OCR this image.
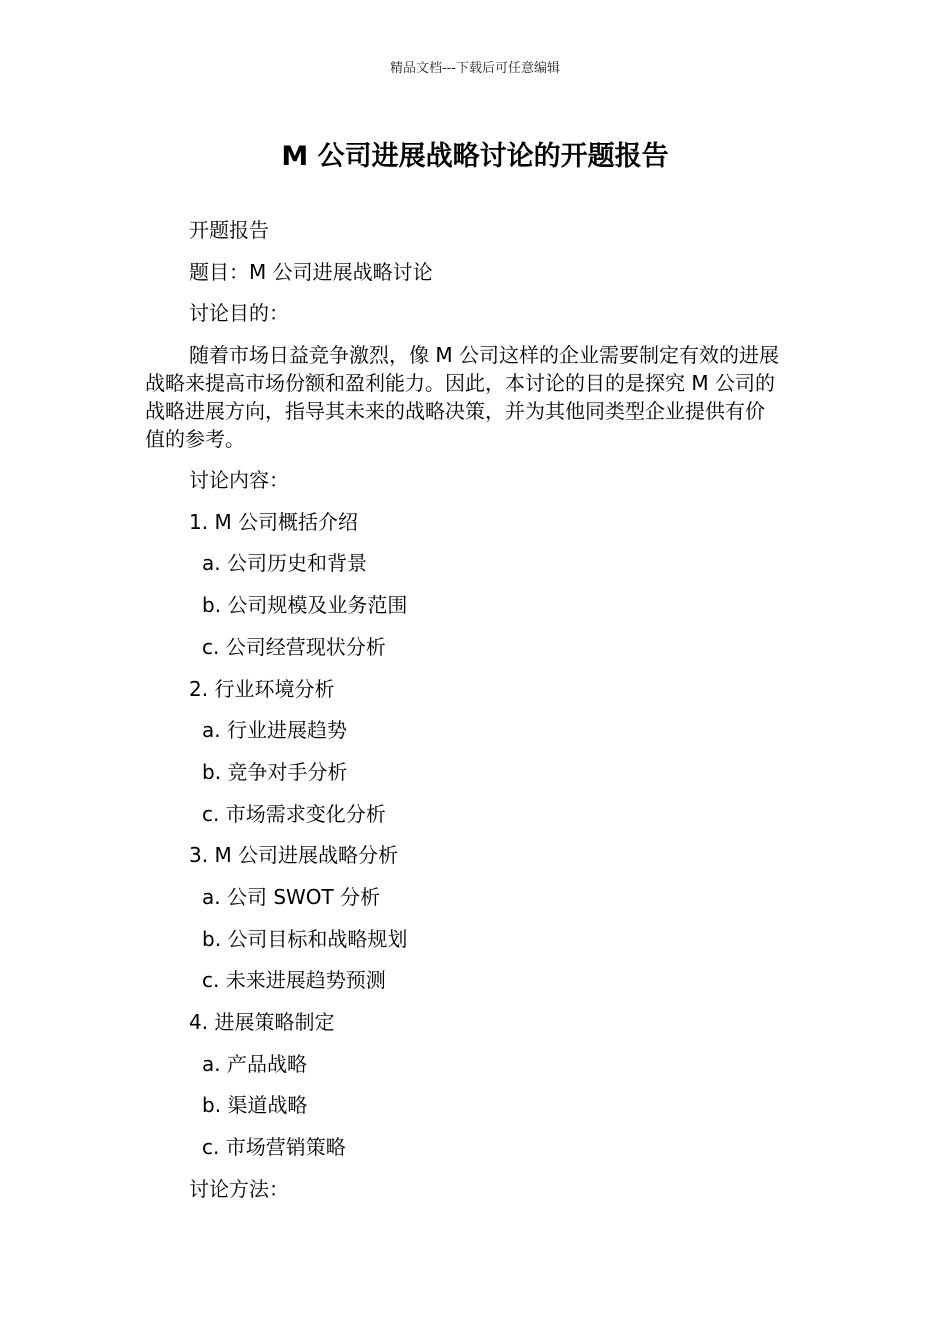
精品文档---下载后可任意编辑
M 公司进展战略讨论的开题报告
开题报告
题目：M 公司进展战略讨论
讨论目的：
随着市场日益竞争激烈，像 M 公司这样的企业需要制定有效的进展
战略来提高市场份额和盈利能力。因此，本讨论的目的是探究 M 公司的
战略进展方向，指导其未来的战略决策，并为其他同类型企业提供有价
值的参考。
讨论内容：
1. M 公司概括介绍
a. 公司历史和背景
b. 公司规模及业务范围
c. 公司经营现状分析
2. 行业环境分析
a. 行业进展趋势
b. 竞争对手分析
c. 市场需求变化分析
3. M 公司进展战略分析
a. 公司 SWOT 分析
b. 公司目标和战略规划
c. 未来进展趋势预测
4. 进展策略制定
a. 产品战略
b. 渠道战略
c. 市场营销策略
讨论方法：
